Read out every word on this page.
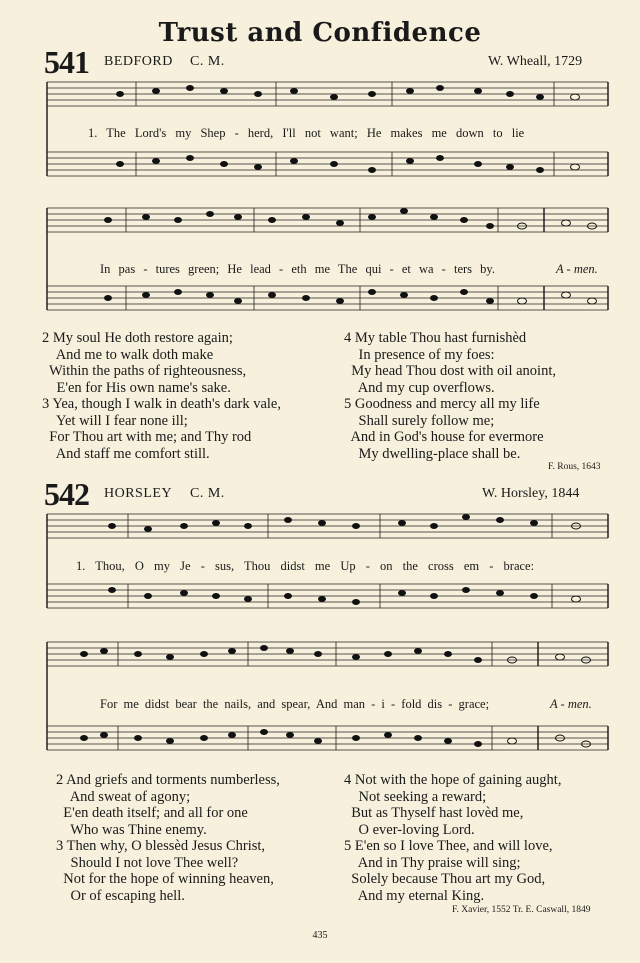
Trust and Confidence
541 BEDFORD C. M.	W. Wheall, 1729
1. The Lord's my Shep - herd, I'll not want; He makes me down to lie
In pas - tures green; He lead - eth me The qui - et wa - ters by.	A - men.
2 My soul He doth restore again;
And me to walk doth make
Within the paths of righteousness,
E'en for His own name's sake.
3 Yea, though I walk in death's dark vale,
Yet will I fear none ill;
For Thou art with me; and Thy rod
And staff me comfort still.
4 My table Thou hast furnishèd
In presence of my foes:
My head Thou dost with oil anoint,
And my cup overflows.
5 Goodness and mercy all my life
Shall surely follow me;
And in God's house for evermore
My dwelling-place shall be.
F. Rous, 1643
542 HORSLEY C. M.	W. Horsley, 1844
1. Thou, O my Je - sus, Thou didst me Up - on the cross em - brace:
For me didst bear the nails, and spear, And man - i - fold dis - grace;	A - men.
2 And griefs and torments numberless,
And sweat of agony;
E'en death itself; and all for one
Who was Thine enemy.
3 Then why, O blessèd Jesus Christ,
Should I not love Thee well?
Not for the hope of winning heaven,
Or of escaping hell.
4 Not with the hope of gaining aught,
Not seeking a reward;
But as Thyself hast lovèd me,
O ever-loving Lord.
5 E'en so I love Thee, and will love,
And in Thy praise will sing;
Solely because Thou art my God,
And my eternal King.
F. Xavier, 1552 Tr. E. Caswall, 1849
435
